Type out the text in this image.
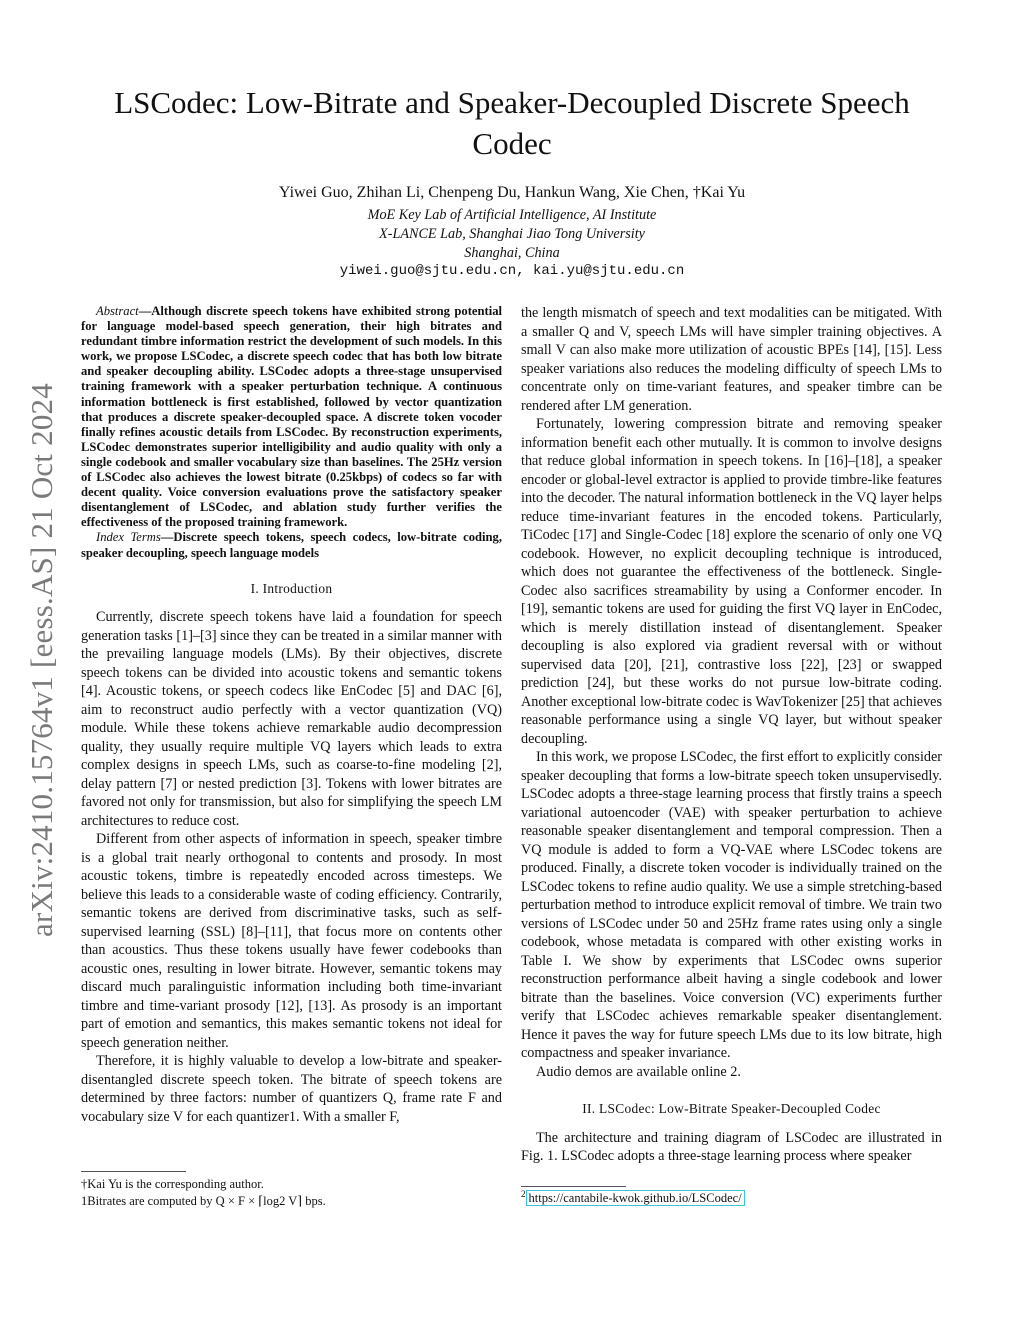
arXiv:2410.15764v1 [eess.AS] 21 Oct 2024
LSCodec: Low-Bitrate and Speaker-Decoupled Discrete Speech Codec
Yiwei Guo, Zhihan Li, Chenpeng Du, Hankun Wang, Xie Chen, †Kai Yu
MoE Key Lab of Artificial Intelligence, AI Institute
X-LANCE Lab, Shanghai Jiao Tong University
Shanghai, China
yiwei.guo@sjtu.edu.cn, kai.yu@sjtu.edu.cn

Abstract—Although discrete speech tokens have exhibited strong potential for language model-based speech generation, their high bitrates and redundant timbre information restrict the development of such models. In this work, we propose LSCodec, a discrete speech codec that has both low bitrate and speaker decoupling ability. LSCodec adopts a three-stage unsupervised training framework with a speaker perturbation technique. A continuous information bottleneck is first established, followed by vector quantization that produces a discrete speaker-decoupled space. A discrete token vocoder finally refines acoustic details from LSCodec. By reconstruction experiments, LSCodec demonstrates superior intelligibility and audio quality with only a single codebook and smaller vocabulary size than baselines. The 25Hz version of LSCodec also achieves the lowest bitrate (0.25kbps) of codecs so far with decent quality. Voice conversion evaluations prove the satisfactory speaker disentanglement of LSCodec, and ablation study further verifies the effectiveness of the proposed training framework.

Index Terms—Discrete speech tokens, speech codecs, low-bitrate coding, speaker decoupling, speech language models

I. Introduction

Currently, discrete speech tokens have laid a foundation for speech generation tasks [1]–[3] since they can be treated in a similar manner with the prevailing language models (LMs). By their objectives, discrete speech tokens can be divided into acoustic tokens and semantic tokens [4]. Acoustic tokens, or speech codecs like EnCodec [5] and DAC [6], aim to reconstruct audio perfectly with a vector quantization (VQ) module. While these tokens achieve remarkable audio decompression quality, they usually require multiple VQ layers which leads to extra complex designs in speech LMs, such as coarse-to-fine modeling [2], delay pattern [7] or nested prediction [3]. Tokens with lower bitrates are favored not only for transmission, but also for simplifying the speech LM architectures to reduce cost.

Different from other aspects of information in speech, speaker timbre is a global trait nearly orthogonal to contents and prosody. In most acoustic tokens, timbre is repeatedly encoded across timesteps. We believe this leads to a considerable waste of coding efficiency. Contrarily, semantic tokens are derived from discriminative tasks, such as self-supervised learning (SSL) [8]–[11], that focus more on contents other than acoustics. Thus these tokens usually have fewer codebooks than acoustic ones, resulting in lower bitrate. However, semantic tokens may discard much paralinguistic information including both time-invariant timbre and time-variant prosody [12], [13]. As prosody is an important part of emotion and semantics, this makes semantic tokens not ideal for speech generation neither.

Therefore, it is highly valuable to develop a low-bitrate and speaker-disentangled discrete speech token. The bitrate of speech tokens are determined by three factors: number of quantizers Q, frame rate F and vocabulary size V for each quantizer1. With a smaller F,

the length mismatch of speech and text modalities can be mitigated. With a smaller Q and V, speech LMs will have simpler training objectives. A small V can also make more utilization of acoustic BPEs [14], [15]. Less speaker variations also reduces the modeling difficulty of speech LMs to concentrate only on time-variant features, and speaker timbre can be rendered after LM generation.

Fortunately, lowering compression bitrate and removing speaker information benefit each other mutually. It is common to involve designs that reduce global information in speech tokens. In [16]–[18], a speaker encoder or global-level extractor is applied to provide timbre-like features into the decoder. The natural information bottleneck in the VQ layer helps reduce time-invariant features in the encoded tokens. Particularly, TiCodec [17] and Single-Codec [18] explore the scenario of only one VQ codebook. However, no explicit decoupling technique is introduced, which does not guarantee the effectiveness of the bottleneck. Single-Codec also sacrifices streamability by using a Conformer encoder. In [19], semantic tokens are used for guiding the first VQ layer in EnCodec, which is merely distillation instead of disentanglement. Speaker decoupling is also explored via gradient reversal with or without supervised data [20], [21], contrastive loss [22], [23] or swapped prediction [24], but these works do not pursue low-bitrate coding. Another exceptional low-bitrate codec is WavTokenizer [25] that achieves reasonable performance using a single VQ layer, but without speaker decoupling.

In this work, we propose LSCodec, the first effort to explicitly consider speaker decoupling that forms a low-bitrate speech token unsupervisedly. LSCodec adopts a three-stage learning process that firstly trains a speech variational autoencoder (VAE) with speaker perturbation to achieve reasonable speaker disentanglement and temporal compression. Then a VQ module is added to form a VQ-VAE where LSCodec tokens are produced. Finally, a discrete token vocoder is individually trained on the LSCodec tokens to refine audio quality. We use a simple stretching-based perturbation method to introduce explicit removal of timbre. We train two versions of LSCodec under 50 and 25Hz frame rates using only a single codebook, whose metadata is compared with other existing works in Table I. We show by experiments that LSCodec owns superior reconstruction performance albeit having a single codebook and lower bitrate than the baselines. Voice conversion (VC) experiments further verify that LSCodec achieves remarkable speaker disentanglement. Hence it paves the way for future speech LMs due to its low bitrate, high compactness and speaker invariance.

Audio demos are available online 2.

II. LSCodec: Low-Bitrate Speaker-Decoupled Codec

The architecture and training diagram of LSCodec are illustrated in Fig. 1. LSCodec adopts a three-stage learning process where speaker

†Kai Yu is the corresponding author.
1Bitrates are computed by Q × F × ⌈log2 V⌉ bps.
$^2$ https://cantabile-kwok.github.io/LSCodec/
